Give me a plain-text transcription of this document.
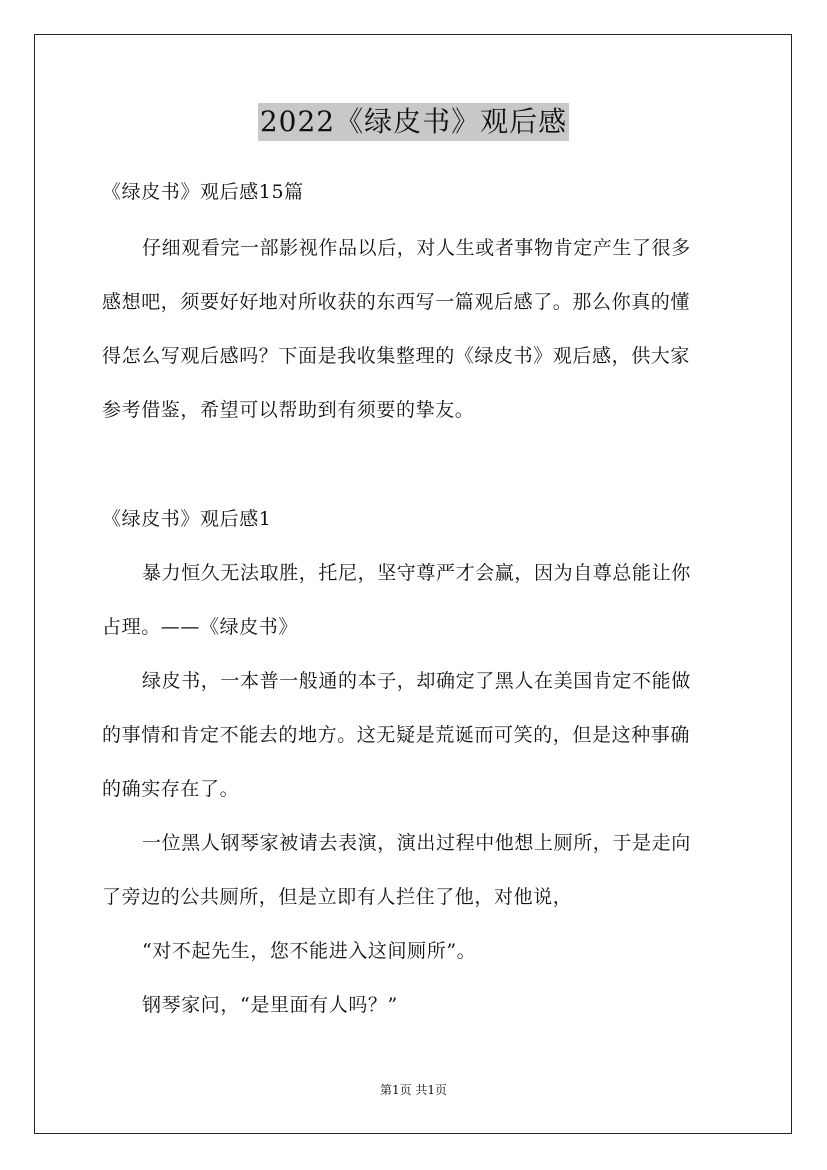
2022《绿皮书》观后感
《绿皮书》观后感15篇
仔细观看完一部影视作品以后，对人生或者事物肯定产生了很多
感想吧，须要好好地对所收获的东西写一篇观后感了。那么你真的懂
得怎么写观后感吗？下面是我收集整理的《绿皮书》观后感，供大家
参考借鉴，希望可以帮助到有须要的挚友。
《绿皮书》观后感1
暴力恒久无法取胜，托尼，坚守尊严才会赢，因为自尊总能让你
占理。——《绿皮书》
绿皮书，一本普一般通的本子，却确定了黑人在美国肯定不能做
的事情和肯定不能去的地方。这无疑是荒诞而可笑的，但是这种事确
的确实存在了。
一位黑人钢琴家被请去表演，演出过程中他想上厕所，于是走向
了旁边的公共厕所，但是立即有人拦住了他，对他说，
“对不起先生，您不能进入这间厕所”。
钢琴家问，“是里面有人吗？”
第1页 共1页
